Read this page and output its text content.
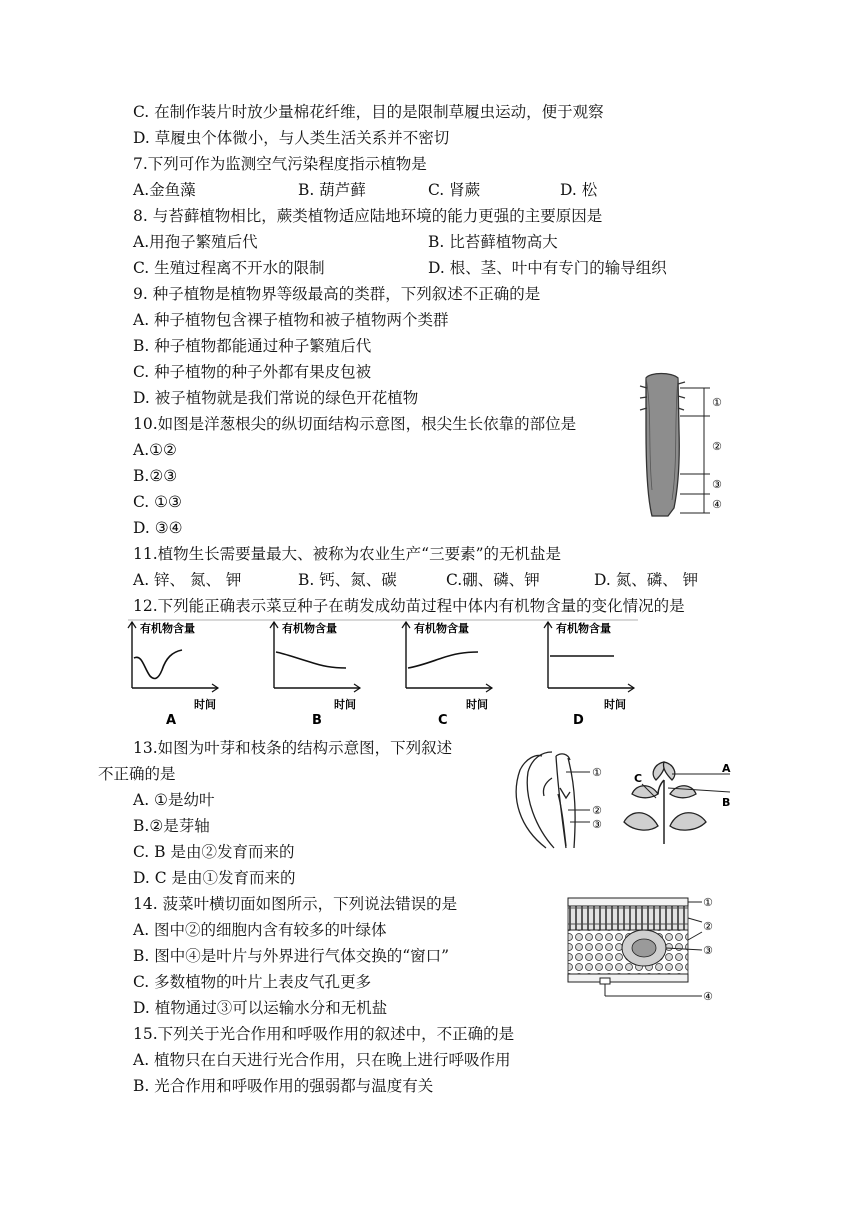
C. 在制作装片时放少量棉花纤维，目的是限制草履虫运动，便于观察
D. 草履虫个体微小，与人类生活关系并不密切
7.下列可作为监测空气污染程度指示植物是
A.金鱼藻	B. 葫芦藓	C. 肾蕨	D. 松
8. 与苔藓植物相比，蕨类植物适应陆地环境的能力更强的主要原因是
A.用孢子繁殖后代	B. 比苔藓植物高大
C. 生殖过程离不开水的限制	D. 根、茎、叶中有专门的输导组织
9. 种子植物是植物界等级最高的类群，下列叙述不正确的是
A. 种子植物包含裸子植物和被子植物两个类群
B. 种子植物都能通过种子繁殖后代
C. 种子植物的种子外都有果皮包被
D. 被子植物就是我们常说的绿色开花植物
10.如图是洋葱根尖的纵切面结构示意图，根尖生长依靠的部位是
A.①②
B.②③
C. ①③
D. ③④
①
②
③
④
11.植物生长需要量最大、被称为农业生产“三要素”的无机盐是
A. 锌、 氮、 钾	B. 钙、氮、碳	C.硼、磷、钾	D. 氮、磷、 钾
12.下列能正确表示菜豆种子在萌发成幼苗过程中体内有机物含量的变化情况的是
有机物含量
时间
A
有机物含量
时间
B
有机物含量
时间
C
有机物含量
时间
D
13.如图为叶芽和枝条的结构示意图，下列叙述
不正确的是
A. ①是幼叶
B.②是芽轴
C. B 是由②发育而来的
D. C 是由①发育而来的
①
②
③
A
B
C
14. 菠菜叶横切面如图所示，下列说法错误的是
A. 图中②的细胞内含有较多的叶绿体
B. 图中④是叶片与外界进行气体交换的“窗口”
C. 多数植物的叶片上表皮气孔更多
D. 植物通过③可以运输水分和无机盐
①
②
③
④
15.下列关于光合作用和呼吸作用的叙述中，不正确的是
A. 植物只在白天进行光合作用，只在晚上进行呼吸作用
B. 光合作用和呼吸作用的强弱都与温度有关
